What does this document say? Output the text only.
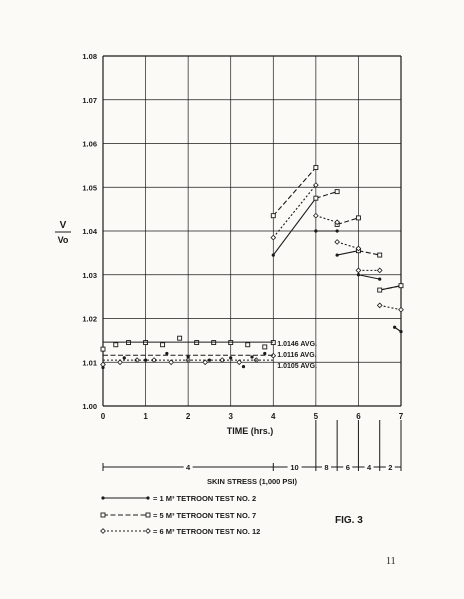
1.00
1.01
1.02
1.03
1.04
1.05
1.06
1.07
1.08
0	1	2	3	4	5	6	7
TIME (hrs.)
V
Vo
1.0146 AVG.
1.0116 AVG.
1.0105 AVG.
4	10	8 6 4 2
SKIN STRESS (1,000 PSI)
= 1 M³ TETROON TEST NO. 2
= 5 M³ TETROON TEST NO. 7
= 6 M³ TETROON TEST NO. 12
FIG. 3
11
